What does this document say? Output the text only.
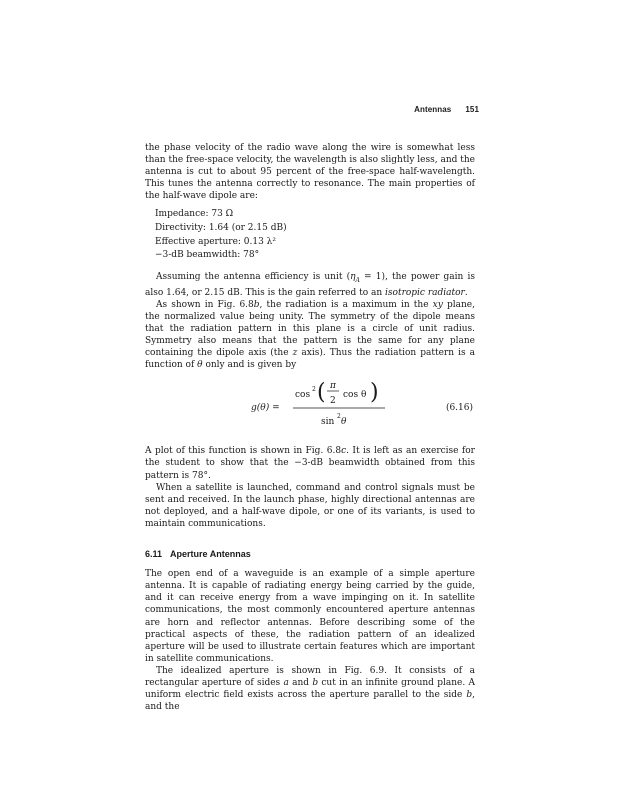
Antennas 151

the phase velocity of the radio wave along the wire is somewhat less than the free-space velocity, the wavelength is also slightly less, and the antenna is cut to about 95 percent of the free-space half-wavelength. This tunes the antenna correctly to resonance. The main properties of the half-wave dipole are:

Impedance: 73 Ω
Directivity: 1.64 (or 2.15 dB)
Effective aperture: 0.13 λ²
−3-dB beamwidth: 78°

Assuming the antenna efficiency is unit $(\eta_A = 1)$, the power gain is also 1.64, or 2.15 dB. This is the gain referred to an isotropic radiator.

As shown in Fig. 6.8b, the radiation is a maximum in the xy plane, the normalized value being unity. The symmetry of the dipole means that the radiation pattern in this plane is a circle of unit radius. Symmetry also means that the pattern is the same for any plane containing the dipole axis (the z axis). Thus the radiation pattern is a function of θ only and is given by

g(θ) =
cos
2 ( π
2
cos θ )
sin
2
θ
(6.16)

A plot of this function is shown in Fig. 6.8c. It is left as an exercise for the student to show that the −3-dB beamwidth obtained from this pattern is 78°.

When a satellite is launched, command and control signals must be sent and received. In the launch phase, highly directional antennas are not deployed, and a half-wave dipole, or one of its variants, is used to maintain communications.

6.11 Aperture Antennas

The open end of a waveguide is an example of a simple aperture antenna. It is capable of radiating energy being carried by the guide, and it can receive energy from a wave impinging on it. In satellite communications, the most commonly encountered aperture antennas are horn and reflector antennas. Before describing some of the practical aspects of these, the radiation pattern of an idealized aperture will be used to illustrate certain features which are important in satellite communications.

The idealized aperture is shown in Fig. 6.9. It consists of a rectangular aperture of sides a and b cut in an infinite ground plane. A uniform electric field exists across the aperture parallel to the side b, and the
